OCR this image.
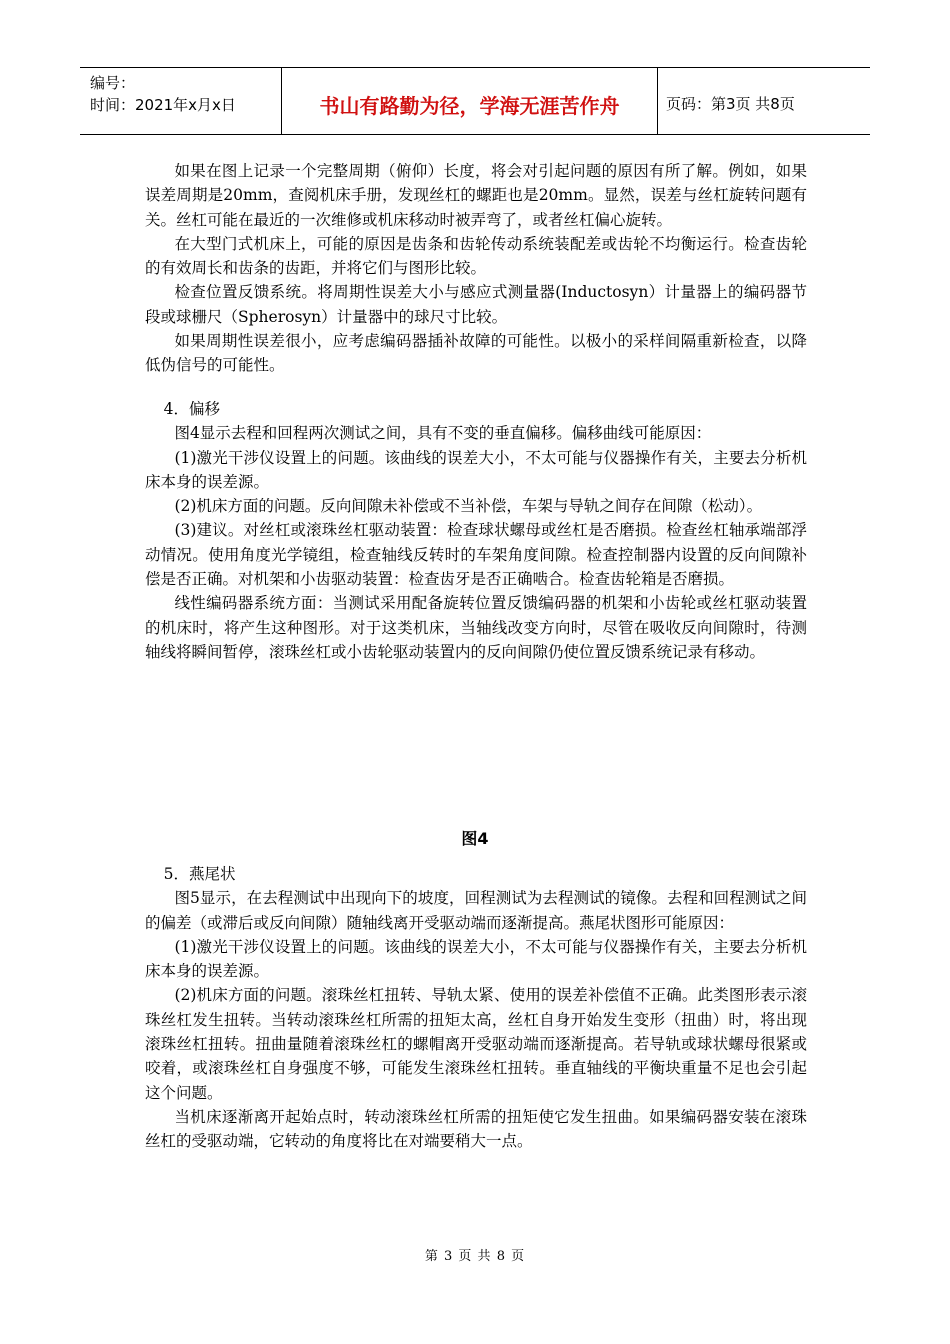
编号：
时间：2021年x月x日	书山有路勤为径，学海无涯苦作舟	页码：第3页 共8页

如果在图上记录一个完整周期（俯仰）长度，将会对引起问题的原因有所了解。例如，如果误差周期是20mm，查阅机床手册，发现丝杠的螺距也是20mm。显然，误差与丝杠旋转问题有关。丝杠可能在最近的一次维修或机床移动时被弄弯了，或者丝杠偏心旋转。

在大型门式机床上，可能的原因是齿条和齿轮传动系统装配差或齿轮不均衡运行。检查齿轮的有效周长和齿条的齿距，并将它们与图形比较。

检查位置反馈系统。将周期性误差大小与感应式测量器(Inductosyn）计量器上的编码器节段或球栅尺（Spherosyn）计量器中的球尺寸比较。

如果周期性误差很小，应考虑编码器插补故障的可能性。以极小的采样间隔重新检查，以降低伪信号的可能性。

4．偏移

图4显示去程和回程两次测试之间，具有不变的垂直偏移。偏移曲线可能原因：

(1)激光干涉仪设置上的问题。该曲线的误差大小，不太可能与仪器操作有关，主要去分析机床本身的误差源。

(2)机床方面的问题。反向间隙未补偿或不当补偿，车架与导轨之间存在间隙（松动）。

(3)建议。对丝杠或滚珠丝杠驱动装置：检查球状螺母或丝杠是否磨损。检查丝杠轴承端部浮动情况。使用角度光学镜组，检查轴线反转时的车架角度间隙。检查控制器内设置的反向间隙补偿是否正确。对机架和小齿驱动装置：检查齿牙是否正确啮合。检查齿轮箱是否磨损。

线性编码器系统方面：当测试采用配备旋转位置反馈编码器的机架和小齿轮或丝杠驱动装置的机床时，将产生这种图形。对于这类机床，当轴线改变方向时，尽管在吸收反向间隙时，待测轴线将瞬间暂停，滚珠丝杠或小齿轮驱动装置内的反向间隙仍使位置反馈系统记录有移动。

图4

5．燕尾状

图5显示，在去程测试中出现向下的坡度，回程测试为去程测试的镜像。去程和回程测试之间的偏差（或滞后或反向间隙）随轴线离开受驱动端而逐渐提高。燕尾状图形可能原因：

(1)激光干涉仪设置上的问题。该曲线的误差大小，不太可能与仪器操作有关，主要去分析机床本身的误差源。

(2)机床方面的问题。滚珠丝杠扭转、导轨太紧、使用的误差补偿值不正确。此类图形表示滚珠丝杠发生扭转。当转动滚珠丝杠所需的扭矩太高，丝杠自身开始发生变形（扭曲）时，将出现滚珠丝杠扭转。扭曲量随着滚珠丝杠的螺帽离开受驱动端而逐渐提高。若导轨或球状螺母很紧或咬着，或滚珠丝杠自身强度不够，可能发生滚珠丝杠扭转。垂直轴线的平衡块重量不足也会引起这个问题。

当机床逐渐离开起始点时，转动滚珠丝杠所需的扭矩使它发生扭曲。如果编码器安装在滚珠丝杠的受驱动端，它转动的角度将比在对端要稍大一点。

第 3 页 共 8 页
